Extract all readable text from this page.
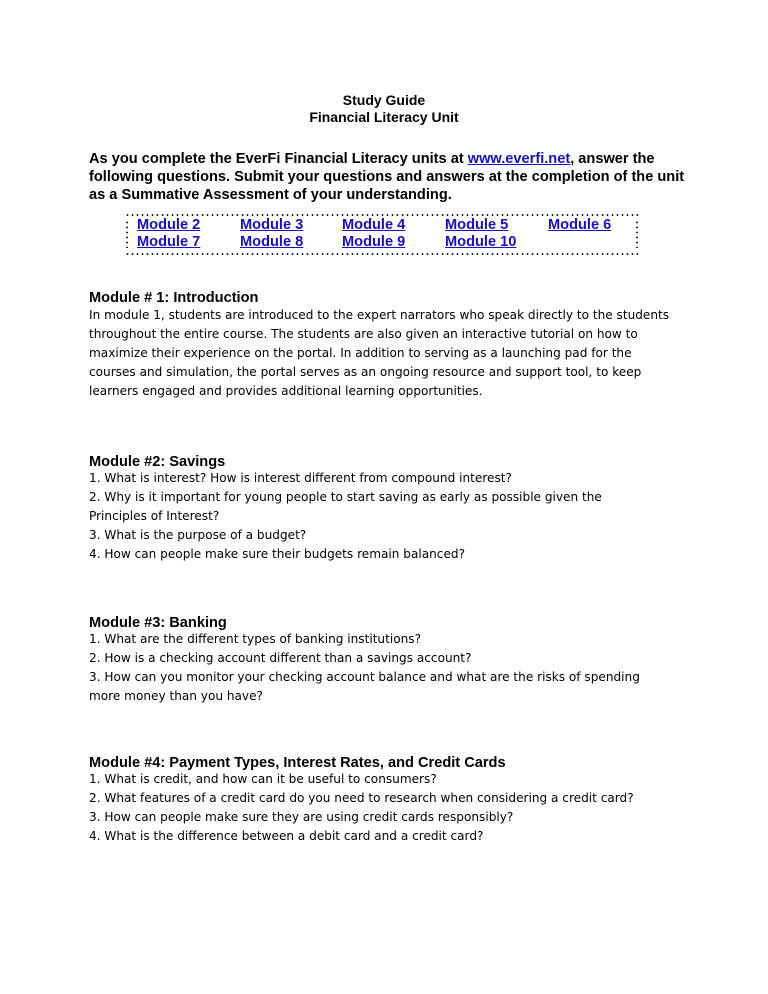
Study Guide
Financial Literacy Unit
As you complete the EverFi Financial Literacy units at www.everfi.net, answer the following questions. Submit your questions and answers at the completion of the unit as a Summative Assessment of your understanding.
Module 2	Module 3	Module 4	Module 5	Module 6
Module 7	Module 8	Module 9	Module 10
Module # 1: Introduction

In module 1, students are introduced to the expert narrators who speak directly to the students

throughout the entire course. The students are also given an interactive tutorial on how to

maximize their experience on the portal. In addition to serving as a launching pad for the

courses and simulation, the portal serves as an ongoing resource and support tool, to keep

learners engaged and provides additional learning opportunities.

Module #2: Savings

1. What is interest? How is interest different from compound interest?

2. Why is it important for young people to start saving as early as possible given the

Principles of Interest?

3. What is the purpose of a budget?

4. How can people make sure their budgets remain balanced?

Module #3: Banking

1. What are the different types of banking institutions?

2. How is a checking account different than a savings account?

3. How can you monitor your checking account balance and what are the risks of spending

more money than you have?

Module #4: Payment Types, Interest Rates, and Credit Cards

1. What is credit, and how can it be useful to consumers?

2. What features of a credit card do you need to research when considering a credit card?

3. How can people make sure they are using credit cards responsibly?

4. What is the difference between a debit card and a credit card?
